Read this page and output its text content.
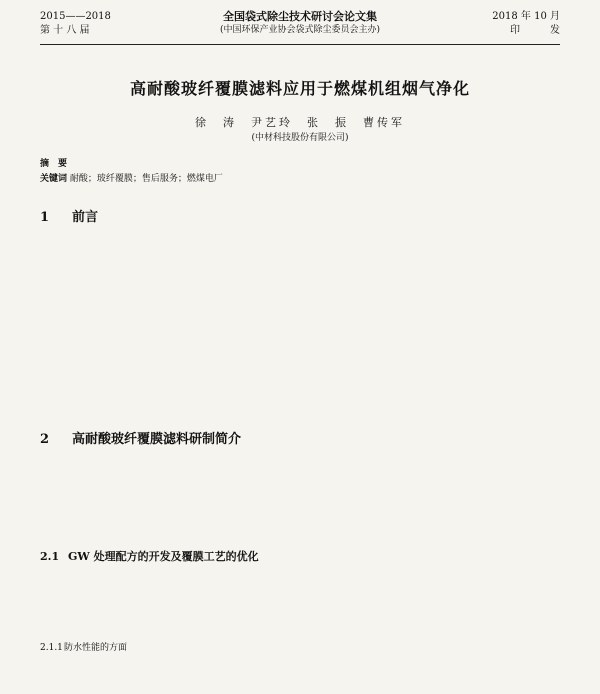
2015——2018
第 十 八 届
全国袋式除尘技术研讨会论文集
(中国环保产业协会袋式除尘委员会主办)
2018 年 10 月
印　　　发
高耐酸玻纤覆膜滤料应用于燃煤机组烟气净化
徐　涛　尹艺玲　张　振　曹传军
(中材科技股份有限公司)
摘　要
关键词 耐酸；玻纤覆膜；售后服务；燃煤电厂
1 前言
2 高耐酸玻纤覆膜滤料研制简介
2.1 GW 处理配方的开发及覆膜工艺的优化
2.1.1防水性能的方面
